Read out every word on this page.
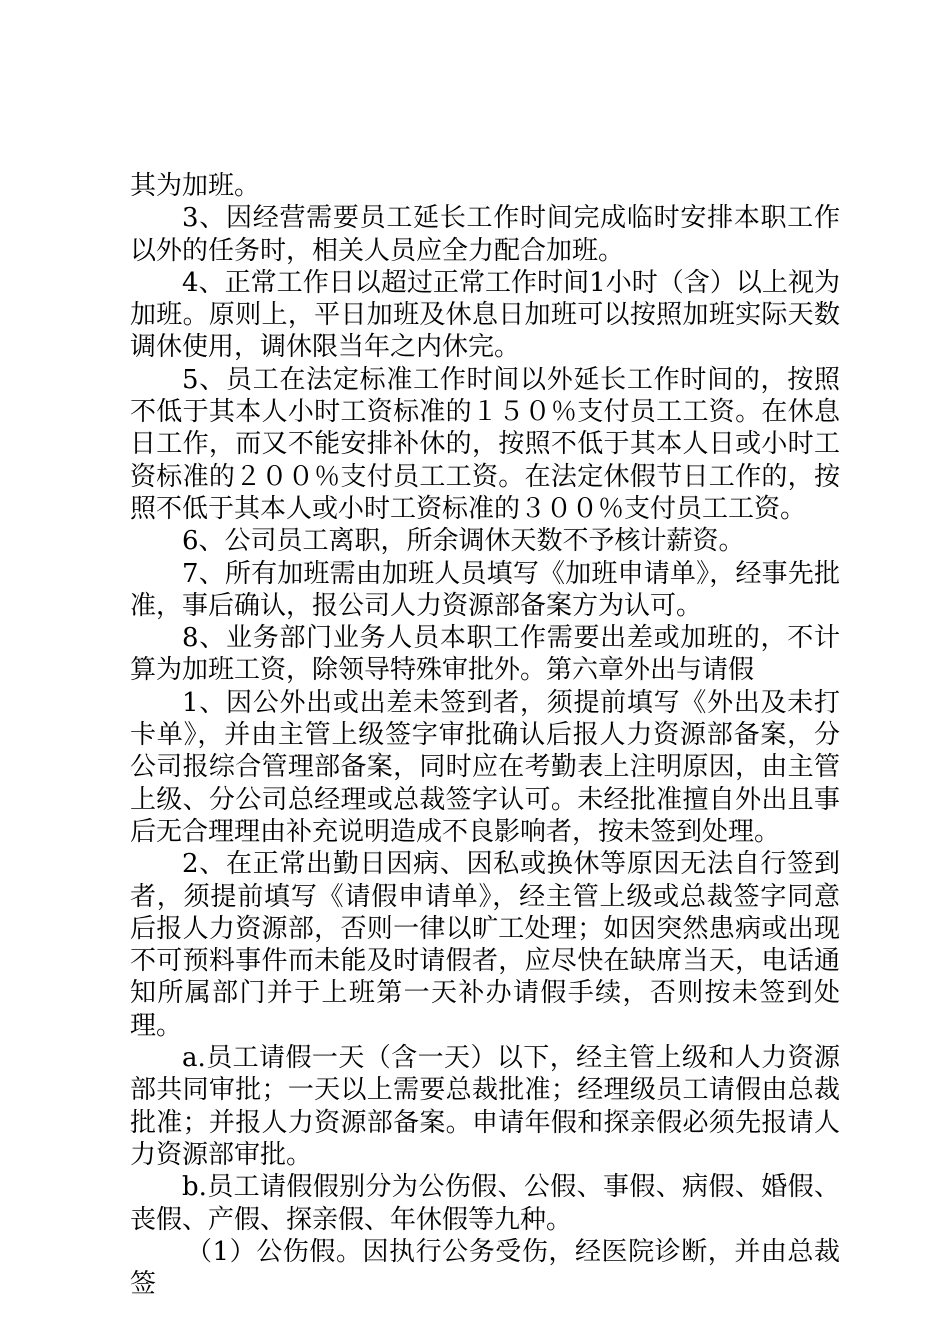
其为加班。

3、因经营需要员工延长工作时间完成临时安排本职工作以外的任务时，相关人员应全力配合加班。

4、正常工作日以超过正常工作时间1小时（含）以上视为加班。原则上，平日加班及休息日加班可以按照加班实际天数调休使用，调休限当年之内休完。

5、员工在法定标准工作时间以外延长工作时间的，按照不低于其本人小时工资标准的１５０％支付员工工资。在休息日工作，而又不能安排补休的，按照不低于其本人日或小时工资标准的２００％支付员工工资。在法定休假节日工作的，按照不低于其本人或小时工资标准的３００％支付员工工资。

6、公司员工离职，所余调休天数不予核计薪资。

7、所有加班需由加班人员填写《加班申请单》，经事先批准，事后确认，报公司人力资源部备案方为认可。

8、业务部门业务人员本职工作需要出差或加班的，不计算为加班工资，除领导特殊审批外。第六章外出与请假

1、因公外出或出差未签到者，须提前填写《外出及未打卡单》，并由主管上级签字审批确认后报人力资源部备案，分公司报综合管理部备案，同时应在考勤表上注明原因，由主管上级、分公司总经理或总裁签字认可。未经批准擅自外出且事后无合理理由补充说明造成不良影响者，按未签到处理。

2、在正常出勤日因病、因私或换休等原因无法自行签到者，须提前填写《请假申请单》，经主管上级或总裁签字同意后报人力资源部，否则一律以旷工处理；如因突然患病或出现不可预料事件而未能及时请假者，应尽快在缺席当天，电话通知所属部门并于上班第一天补办请假手续，否则按未签到处理。

a.员工请假一天（含一天）以下，经主管上级和人力资源部共同审批；一天以上需要总裁批准；经理级员工请假由总裁批准；并报人力资源部备案。申请年假和探亲假必须先报请人力资源部审批。

b.员工请假假别分为公伤假、公假、事假、病假、婚假、丧假、产假、探亲假、年休假等九种。

（1）公伤假。因执行公务受伤，经医院诊断，并由总裁签
